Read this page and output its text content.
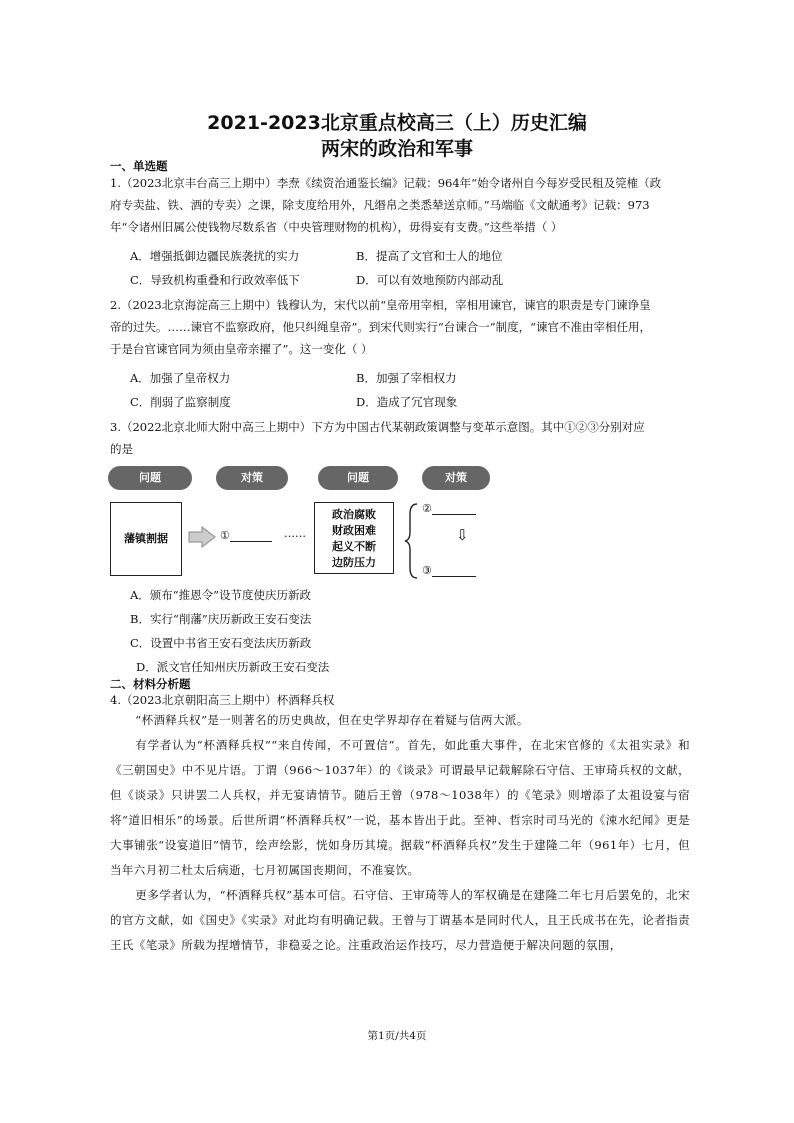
2021-2023北京重点校高三（上）历史汇编
两宋的政治和军事
一、单选题
1.（2023北京丰台高三上期中）李焘《续资治通鉴长编》记载：964年“始令诸州自今每岁受民租及筦榷（政
府专卖盐、铁、酒的专卖）之课，除支度给用外，凡缗帛之类悉辇送京师。”马端临《文献通考》记载：973
年“令诸州旧属公使钱物尽数系省（中央管理财物的机构），毋得妄有支费。”这些举措（ ）
A．增强抵御边疆民族袭扰的实力	B．提高了文官和士人的地位
C．导致机构重叠和行政效率低下	D．可以有效地预防内部动乱
2.（2023北京海淀高三上期中）钱穆认为，宋代以前“皇帝用宰相，宰相用谏官，谏官的职责是专门谏诤皇
帝的过失。……谏官不监察政府，他只纠绳皇帝”。到宋代则实行“台谏合一”制度，“谏官不准由宰相任用，
于是台官谏官同为须由皇帝亲擢了”。这一变化（ ）
A．加强了皇帝权力	B．加强了宰相权力
C．削弱了监察制度	D．造成了冗官现象
3.（2022北京北师大附中高三上期中）下方为中国古代某朝政策调整与变革示意图。其中①②③分别对应
的是
问题	对策	问题	对策
藩镇割据	①	……
政治腐败
财政困难
起义不断
边防压力
②
⇩
③
A．颁布“推恩令”设节度使庆历新政
B．实行“削藩”庆历新政王安石变法
C．设置中书省王安石变法庆历新政
D．派文官任知州庆历新政王安石变法
二、材料分析题
4.（2023北京朝阳高三上期中）杯酒释兵权

“杯酒释兵权”是一则著名的历史典故，但在史学界却存在着疑与信两大派。

有学者认为“杯酒释兵权”“来自传闻，不可置信”。首先，如此重大事件，在北宋官修的《太祖实录》和《三朝国史》中不见片语。丁谓（966～1037年）的《谈录》可谓最早记载解除石守信、王审琦兵权的文献，但《谈录》只讲罢二人兵权，并无宴请情节。随后王曾（978～1038年）的《笔录》则增添了太祖设宴与宿将“道旧相乐”的场景。后世所谓“杯酒释兵权”一说，基本皆出于此。至神、哲宗时司马光的《涑水纪闻》更是大事铺张“设宴道旧”情节，绘声绘影，恍如身历其境。据载“杯酒释兵权”发生于建隆二年（961年）七月，但当年六月初二杜太后病逝，七月初属国丧期间，不准宴饮。

更多学者认为，“杯酒释兵权”基本可信。石守信、王审琦等人的军权确是在建隆二年七月后罢免的，北宋的官方文献，如《国史》《实录》对此均有明确记载。王曾与丁谓基本是同时代人，且王氏成书在先，论者指责王氏《笔录》所载为捏增情节，非稳妥之论。注重政治运作技巧，尽力营造便于解决问题的氛围，

第1页/共4页
